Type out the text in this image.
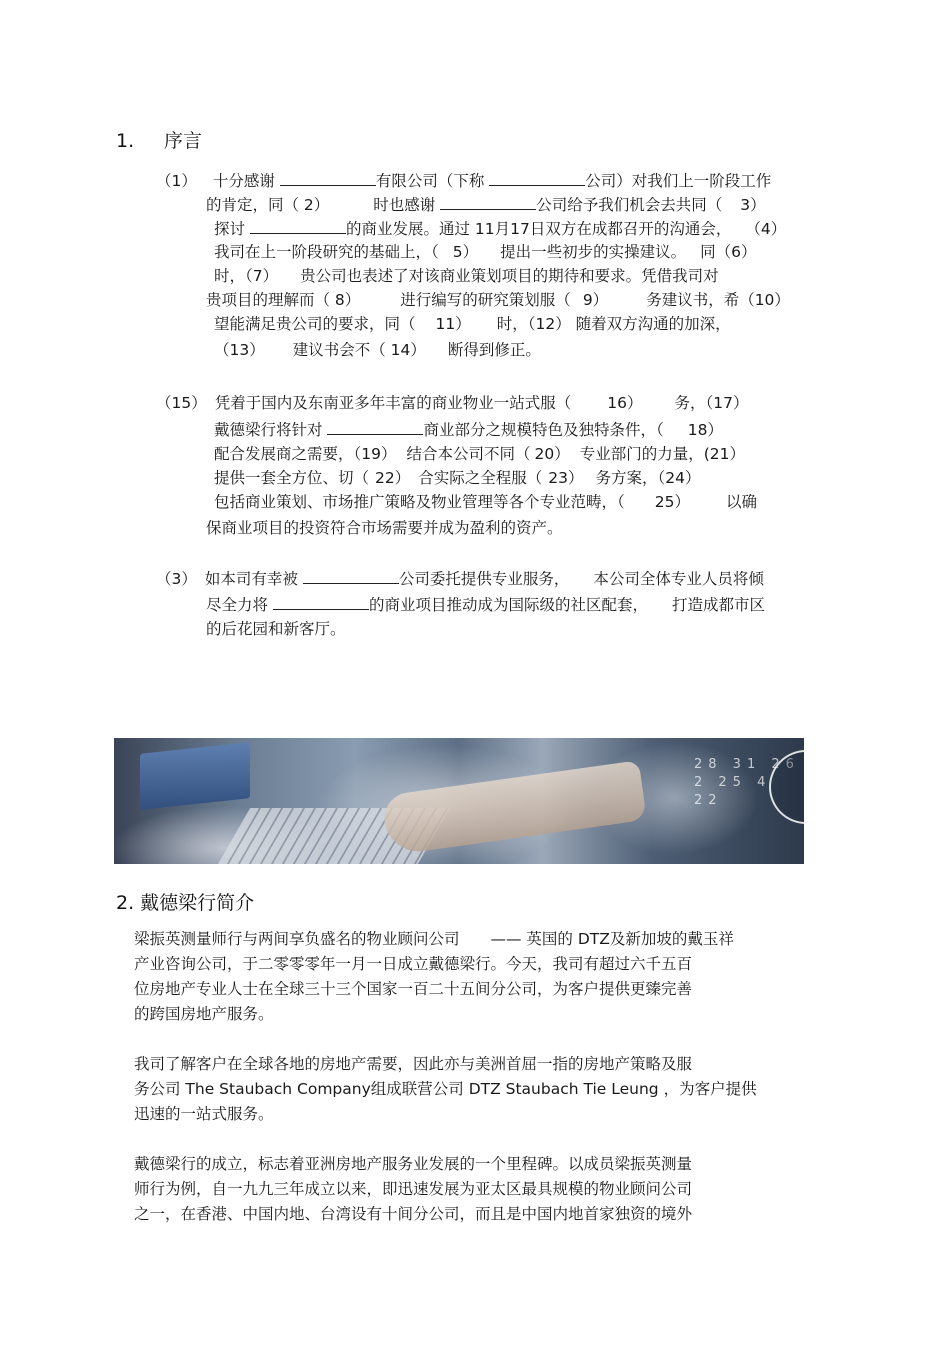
1. 序言
（1） 十分感谢	有限公司（下称	公司）对我们上一阶段工作
的肯定，同（ 2）	时也感谢	公司给予我们机会去共同（ 3）
探讨	的商业发展。通过 11月17日双方在成都召开的沟通会， （4）
我司在上一阶段研究的基础上，（ 5） 提出一些初步的实操建议。 同（6）
时，（7） 贵公司也表述了对该商业策划项目的期待和要求。凭借我司对
贵项目的理解而（ 8）	进行编写的研究策划服（ 9） 务建议书，希（10）
望能满足贵公司的要求，同（ 11） 时，（12） 随着双方沟通的加深，
（13） 建议书会不（ 14） 断得到修正。
（15） 凭着于国内及东南亚多年丰富的商业物业一站式服（ 16） 务，（17）
戴德梁行将针对	商业部分之规模特色及独特条件，（ 18）
配合发展商之需要，（19） 结合本公司不同（ 20） 专业部门的力量，(21）
提供一套全方位、切（ 22） 合实际之全程服（ 23） 务方案，（24）
包括商业策划、市场推广策略及物业管理等各个专业范畴，（ 25） 以确
保商业项目的投资符合市场需要并成为盈利的资产。
（3） 如本司有幸被	公司委托提供专业服务， 本公司全体专业人员将倾
尽全力将	的商业项目推动成为国际级的社区配套， 打造成都市区
的后花园和新客厅。
28 31 26 2 25 4 22
2. 戴德梁行简介
梁振英测量师行与两间享负盛名的物业顾问公司　　—— 英国的 DTZ及新加坡的戴玉祥
产业咨询公司，于二零零零年一月一日成立戴德梁行。今天，我司有超过六千五百
位房地产专业人士在全球三十三个国家一百二十五间分公司，为客户提供更臻完善
的跨国房地产服务。
我司了解客户在全球各地的房地产需要，因此亦与美洲首屈一指的房地产策略及服
务公司 The Staubach Company组成联营公司 DTZ Staubach Tie Leung ，为客户提供
迅速的一站式服务。
戴德梁行的成立，标志着亚洲房地产服务业发展的一个里程碑。以成员梁振英测量
师行为例，自一九九三年成立以来，即迅速发展为亚太区最具规模的物业顾问公司
之一，在香港、中国内地、台湾设有十间分公司，而且是中国内地首家独资的境外
